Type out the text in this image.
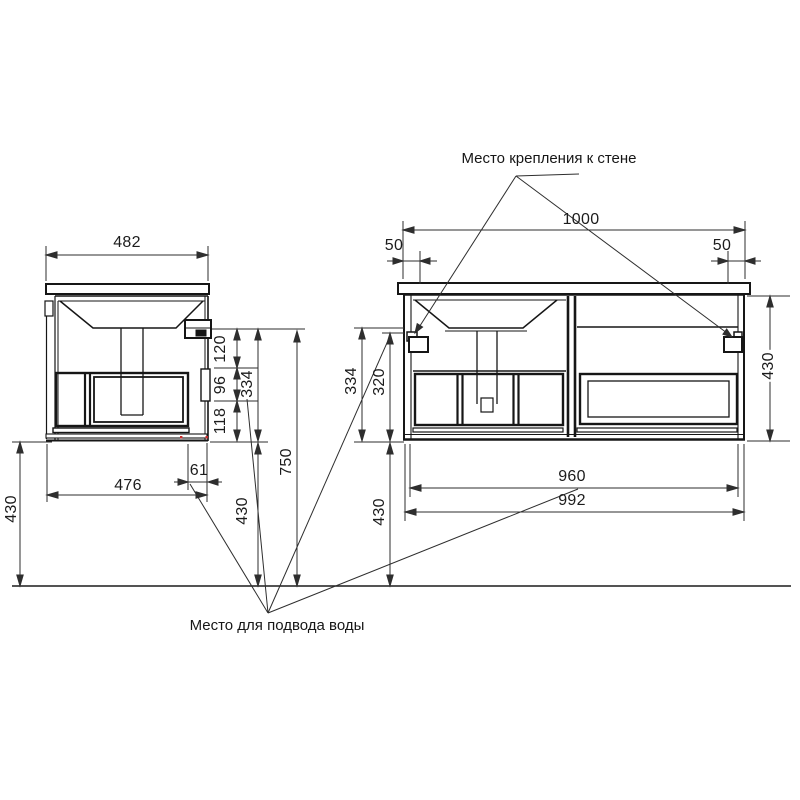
482
120
96
118
334
750
430	430
476
61
1000
50	50
430
334 320
430
960
992
Место крепления к стене
Место для подвода воды
